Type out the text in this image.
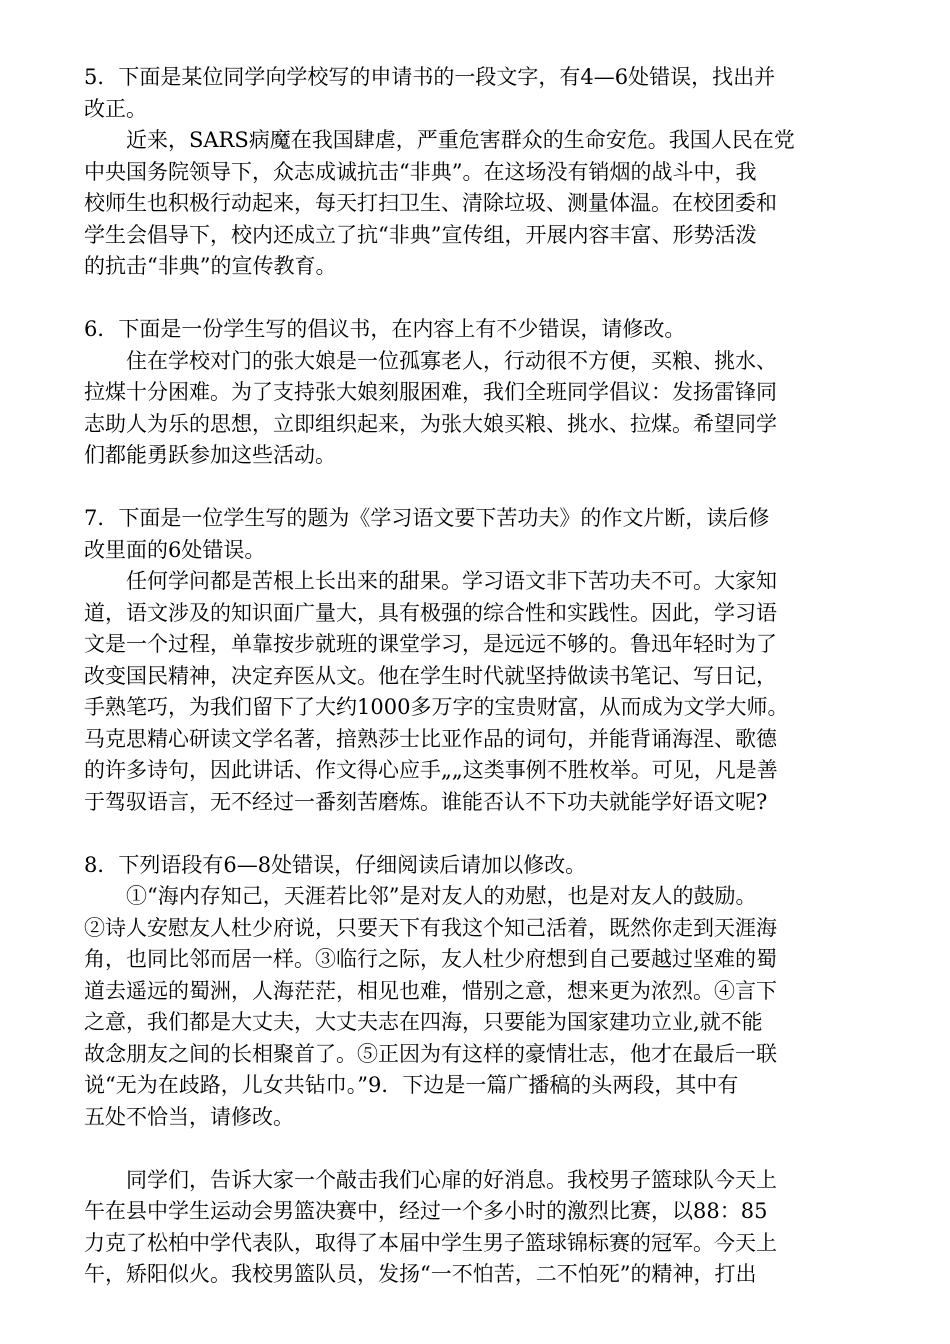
5．下面是某位同学向学校写的申请书的一段文字，有4—6处错误，找出并
改正。
近来，SARS病魔在我国肆虐，严重危害群众的生命安危。我国人民在党
中央国务院领导下，众志成诚抗击“非典”。在这场没有销烟的战斗中，我
校师生也积极行动起来，每天打扫卫生、清除垃圾、测量体温。在校团委和
学生会倡导下，校内还成立了抗“非典”宣传组，开展内容丰富、形势活泼
的抗击“非典”的宣传教育。
6．下面是一份学生写的倡议书，在内容上有不少错误，请修改。
住在学校对门的张大娘是一位孤寡老人，行动很不方便，买粮、挑水、
拉煤十分困难。为了支持张大娘刻服困难，我们全班同学倡议：发扬雷锋同
志助人为乐的思想，立即组织起来，为张大娘买粮、挑水、拉煤。希望同学
们都能勇跃参加这些活动。
7．下面是一位学生写的题为《学习语文要下苦功夫》的作文片断，读后修
改里面的6处错误。
任何学问都是苦根上长出来的甜果。学习语文非下苦功夫不可。大家知
道，语文涉及的知识面广量大，具有极强的综合性和实践性。因此，学习语
文是一个过程，单靠按步就班的课堂学习，是远远不够的。鲁迅年轻时为了
改变国民精神，决定弃医从文。他在学生时代就坚持做读书笔记、写日记，
手熟笔巧，为我们留下了大约1000多万字的宝贵财富，从而成为文学大师。
马克思精心研读文学名著，揞熟莎士比亚作品的词句，并能背诵海涅、歌德
的许多诗句，因此讲话、作文得心应手„„这类事例不胜枚举。可见，凡是善
于驾驭语言，无不经过一番刻苦磨炼。谁能否认不下功夫就能学好语文呢?
8．下列语段有6—8处错误，仔细阅读后请加以修改。
①“海内存知己，天涯若比邻”是对友人的劝慰，也是对友人的鼓励。
②诗人安慰友人杜少府说，只要天下有我这个知己活着，既然你走到天涯海
角，也同比邻而居一样。③临行之际，友人杜少府想到自己要越过坚难的蜀
道去遥远的蜀洲，人海茫茫，相见也难，惜别之意，想来更为浓烈。④言下
之意，我们都是大丈夫，大丈夫志在四海，只要能为国家建功立业,就不能
故念朋友之间的长相聚首了。⑤正因为有这样的豪情壮志，他才在最后一联
说“无为在歧路，儿女共钻巾。”9．下边是一篇广播稿的头两段，其中有
五处不恰当，请修改。
同学们，告诉大家一个敲击我们心扉的好消息。我校男子篮球队今天上
午在县中学生运动会男篮决赛中，经过一个多小时的激烈比赛，以88：85
力克了松柏中学代表队，取得了本届中学生男子篮球锦标赛的冠军。今天上
午，矫阳似火。我校男篮队员，发扬“一不怕苦，二不怕死”的精神，打出
